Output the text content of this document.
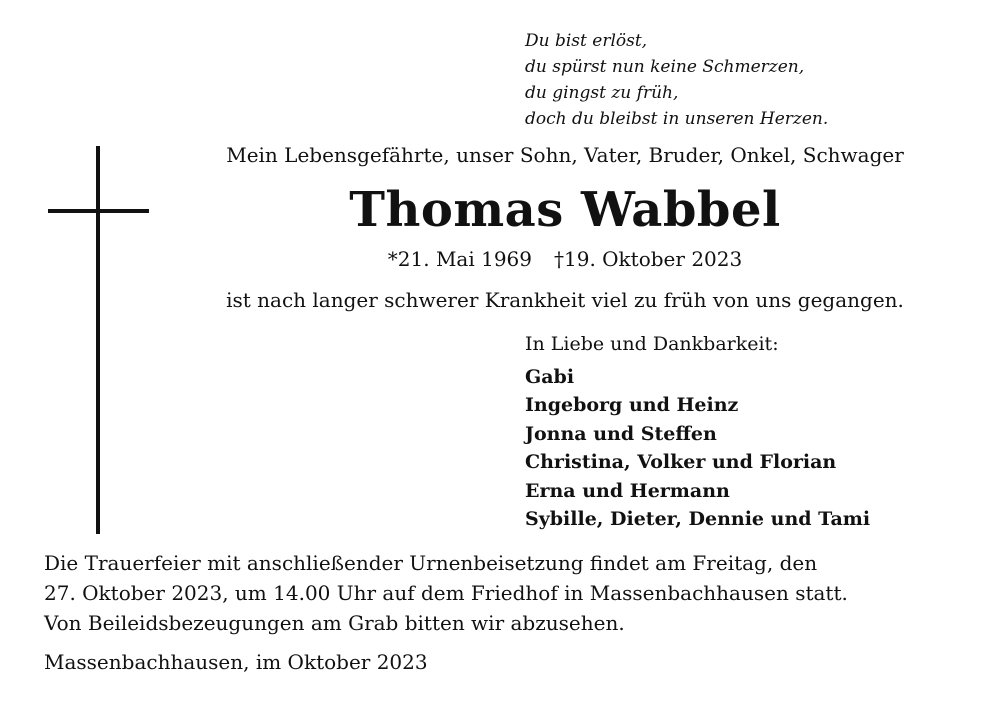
Du bist erlöst,
du spürst nun keine Schmerzen,
du gingst zu früh,
doch du bleibst in unseren Herzen.
Mein Lebensgefährte, unser Sohn, Vater, Bruder, Onkel, Schwager
Thomas Wabbel
*21. Mai 1969 †19. Oktober 2023
ist nach langer schwerer Krankheit viel zu früh von uns gegangen.
In Liebe und Dankbarkeit:
Gabi
Ingeborg und Heinz
Jonna und Steffen
Christina, Volker und Florian
Erna und Hermann
Sybille, Dieter, Dennie und Tami
Die Trauerfeier mit anschließender Urnenbeisetzung findet am Freitag, den
27. Oktober 2023, um 14.00 Uhr auf dem Friedhof in Massenbachhausen statt.
Von Beileidsbezeugungen am Grab bitten wir abzusehen.
Massenbachhausen, im Oktober 2023
